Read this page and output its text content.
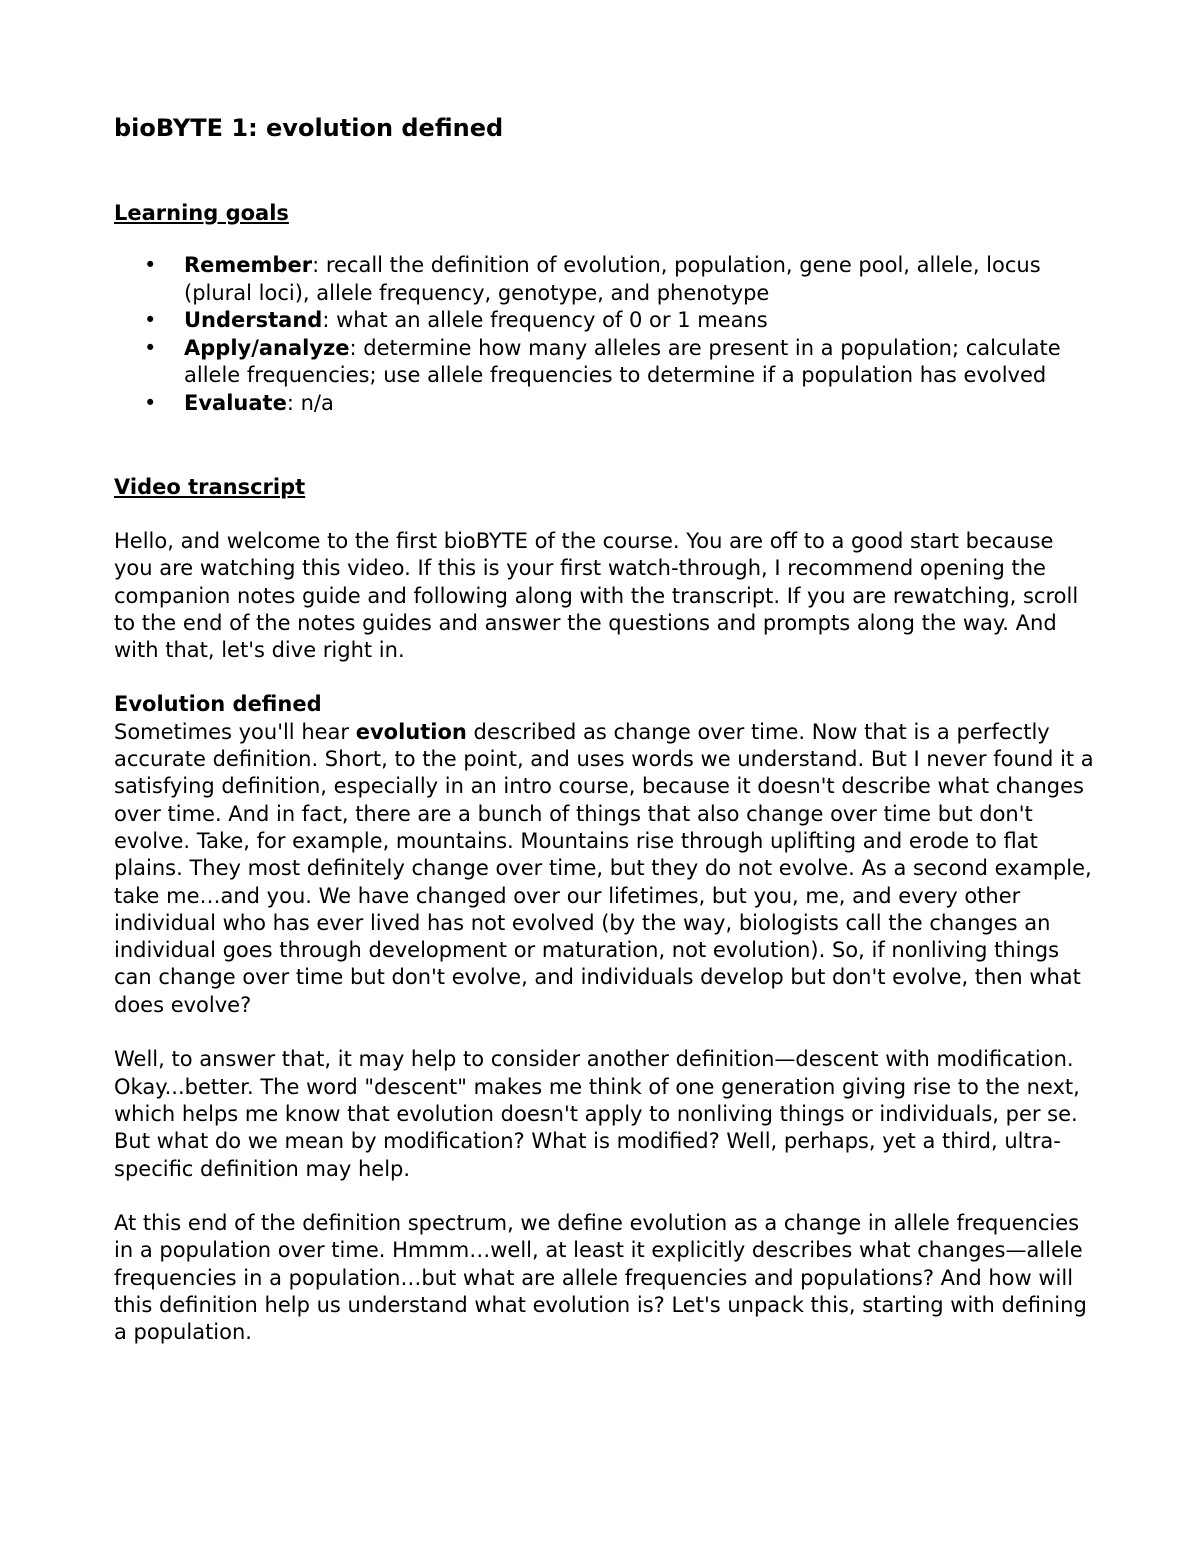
bioBYTE 1: evolution defined
Learning goals
• Remember: recall the definition of evolution, population, gene pool, allele, locus (plural loci), allele frequency, genotype, and phenotype
• Understand: what an allele frequency of 0 or 1 means
• Apply/analyze: determine how many alleles are present in a population; calculate allele frequencies; use allele frequencies to determine if a population has evolved
• Evaluate: n/a
Video transcript

Hello, and welcome to the first bioBYTE of the course. You are off to a good start because you are watching this video. If this is your first watch-through, I recommend opening the companion notes guide and following along with the transcript. If you are rewatching, scroll to the end of the notes guides and answer the questions and prompts along the way. And with that, let's dive right in.

Evolution defined

Sometimes you'll hear evolution described as change over time. Now that is a perfectly accurate definition. Short, to the point, and uses words we understand. But I never found it a satisfying definition, especially in an intro course, because it doesn't describe what changes over time. And in fact, there are a bunch of things that also change over time but don't evolve. Take, for example, mountains. Mountains rise through uplifting and erode to flat plains. They most definitely change over time, but they do not evolve. As a second example, take me…and you. We have changed over our lifetimes, but you, me, and every other individual who has ever lived has not evolved (by the way, biologists call the changes an individual goes through development or maturation, not evolution). So, if nonliving things can change over time but don't evolve, and individuals develop but don't evolve, then what does evolve?

Well, to answer that, it may help to consider another definition—descent with modification. Okay...better. The word "descent" makes me think of one generation giving rise to the next, which helps me know that evolution doesn't apply to nonliving things or individuals, per se. But what do we mean by modification? What is modified? Well, perhaps, yet a third, ultra-specific definition may help.

At this end of the definition spectrum, we define evolution as a change in allele frequencies in a population over time. Hmmm…well, at least it explicitly describes what changes—allele frequencies in a population…but what are allele frequencies and populations? And how will this definition help us understand what evolution is? Let's unpack this, starting with defining a population.
